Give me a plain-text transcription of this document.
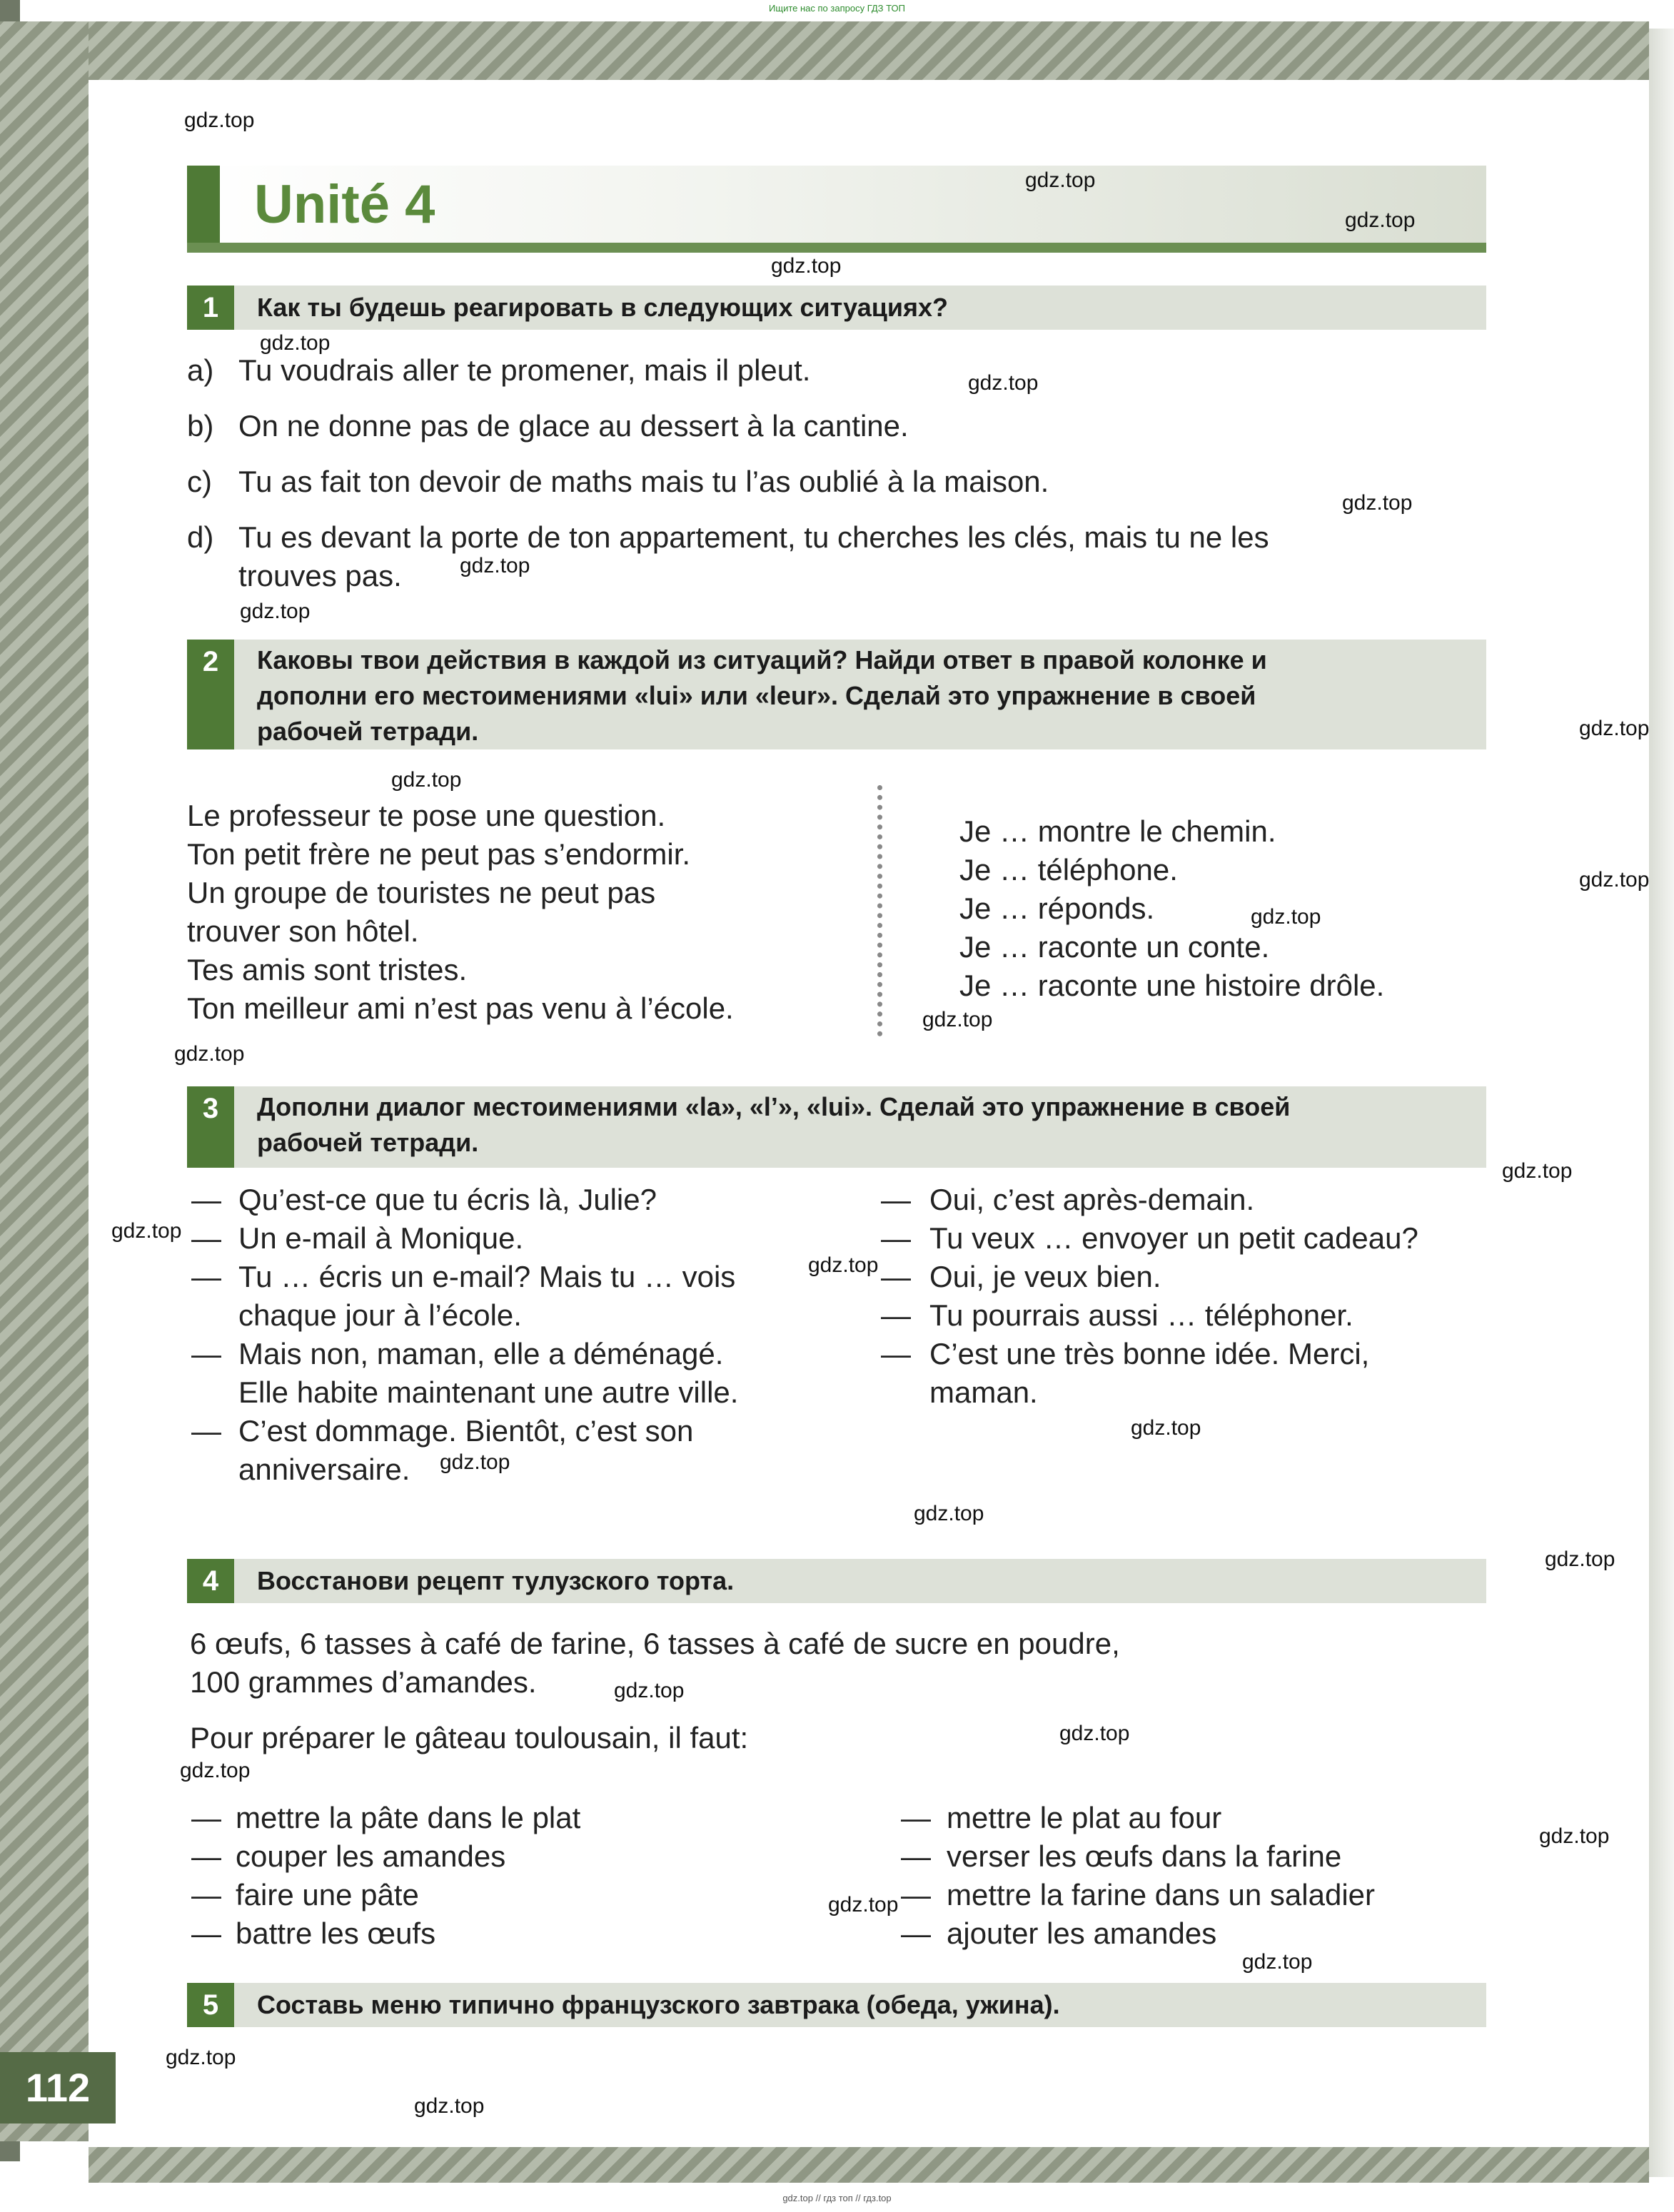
Ищите нас по запросу ГДЗ ТОП
gdz.top // гдз топ // гдз.top
112
Unité 4
1	Как ты будешь реагировать в следующих ситуациях?
a) Tu voudrais aller te promener, mais il pleut.
b) On ne donne pas de glace au dessert à la cantine.
c) Tu as fait ton devoir de maths mais tu l’as oublié à la maison.
d) Tu es devant la porte de ton appartement, tu cherches les clés, mais tu ne les
trouves pas.
2	Каковы твои действия в каждой из ситуаций? Найди ответ в правой колонке и
дополни его местоимениями «lui» или «leur». Сделай это упражнение в своей
рабочей тетради.
Le professeur te pose une question.
Ton petit frère ne peut pas s’endormir.
Un groupe de touristes ne peut pas
trouver son hôtel.
Tes amis sont tristes.
Ton meilleur ami n’est pas venu à l’école.
Je … montre le chemin.
Je … téléphone.
Je … réponds.
Je … raconte un conte.
Je … raconte une histoire drôle.
3	Дополни диалог местоимениями «la», «l’», «lui». Сделай это упражнение в своей
рабочей тетради.
— Qu’est-ce que tu écris là, Julie?
— Un e-mail à Monique.
— Tu … écris un e-mail? Mais tu … vois
chaque jour à l’école.
— Mais non, maman, elle a déménagé.
Elle habite maintenant une autre ville.
— C’est dommage. Bientôt, c’est son
anniversaire.
— Oui, c’est après-demain.
— Tu veux … envoyer un petit cadeau?
— Oui, je veux bien.
— Tu pourrais aussi … téléphoner.
— C’est une très bonne idée. Merci,
maman.
4	Восстанови рецепт тулузского торта.
6 œufs, 6 tasses à café de farine, 6 tasses à café de sucre en poudre,
100 grammes d’amandes.
Pour préparer le gâteau toulousain, il faut:
— mettre la pâte dans le plat
— couper les amandes
— faire une pâte
— battre les œufs
— mettre le plat au four
— verser les œufs dans la farine
— mettre la farine dans un saladier
— ajouter les amandes
5	Составь меню типично французского завтрака (обеда, ужина).
gdz.top
gdz.top
gdz.top
gdz.top
gdz.top
gdz.top
gdz.top
gdz.top
gdz.top
gdz.top
gdz.top
gdz.top
gdz.top
gdz.top
gdz.top
gdz.top
gdz.top
gdz.top
gdz.top
gdz.top
gdz.top
gdz.top
gdz.top
gdz.top
gdz.top
gdz.top
gdz.top
gdz.top
gdz.top
gdz.top
